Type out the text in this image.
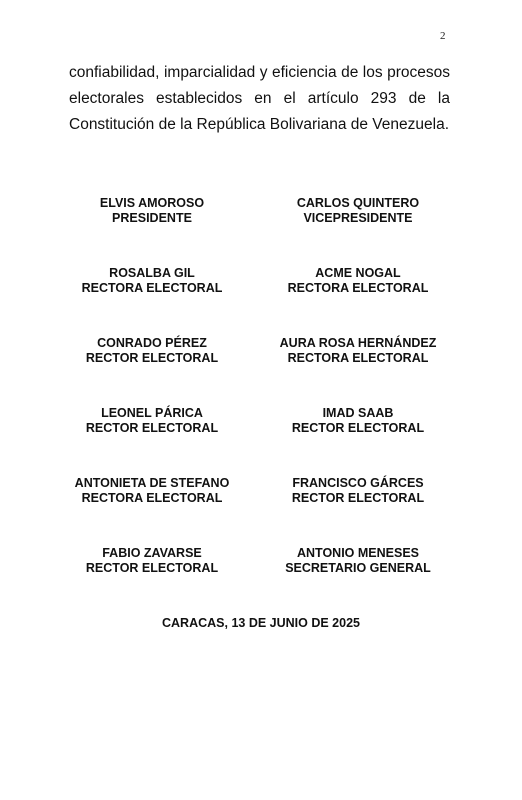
2

confiabilidad, imparcialidad y eficiencia de los procesos electorales establecidos en el artículo 293 de la Constitución de la República Bolivariana de Venezuela.

ELVIS AMOROSO
PRESIDENTE
CARLOS QUINTERO
VICEPRESIDENTE
ROSALBA GIL
RECTORA ELECTORAL
ACME NOGAL
RECTORA ELECTORAL
CONRADO PÉREZ
RECTOR ELECTORAL
AURA ROSA HERNÁNDEZ
RECTORA ELECTORAL
LEONEL PÁRICA
RECTOR ELECTORAL
IMAD SAAB
RECTOR ELECTORAL
ANTONIETA DE STEFANO
RECTORA ELECTORAL
FRANCISCO GÁRCES
RECTOR ELECTORAL
FABIO ZAVARSE
RECTOR ELECTORAL
ANTONIO MENESES
SECRETARIO GENERAL
CARACAS, 13 DE JUNIO DE 2025
